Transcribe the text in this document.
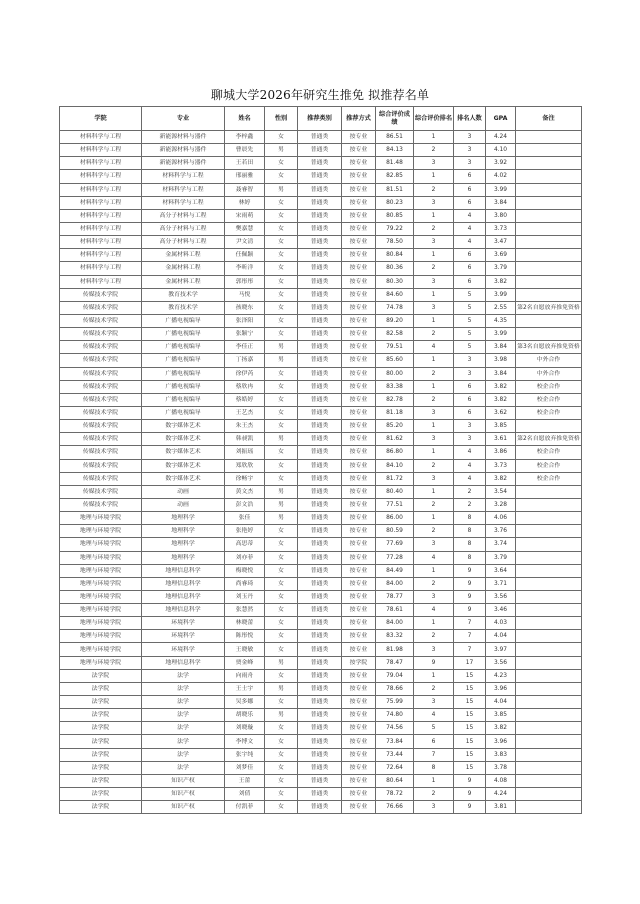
聊城大学2026年研究生推免 拟推荐名单
学院	专业	姓名	性别	推荐类别	推荐方式	综合评价成绩	综合评价排名	排名人数	GPA	备注
材料科学与工程	新能源材料与器件	李梓鑫	女	普通类	按专业	86.51	1	3	4.24	
材料科学与工程	新能源材料与器件	曹晨先	男	普通类	按专业	84.13	2	3	4.10	
材料科学与工程	新能源材料与器件	王若田	女	普通类	按专业	81.48	3	3	3.92	
材料科学与工程	材料科学与工程	邢丽雅	女	普通类	按专业	82.85	1	6	4.02	
材料科学与工程	材料科学与工程	聂睿智	男	普通类	按专业	81.51	2	6	3.99	
材料科学与工程	材料科学与工程	林婷	女	普通类	按专业	80.23	3	6	3.84	
材料科学与工程	高分子材料与工程	宋雨萌	女	普通类	按专业	80.85	1	4	3.80	
材料科学与工程	高分子材料与工程	樊嘉慧	女	普通类	按专业	79.22	2	4	3.73	
材料科学与工程	高分子材料与工程	尹文清	女	普通类	按专业	78.50	3	4	3.47	
材料科学与工程	金属材料工程	任佩颖	女	普通类	按专业	80.84	1	6	3.69	
材料科学与工程	金属材料工程	李昕洋	女	普通类	按专业	80.36	2	6	3.79	
材料科学与工程	金属材料工程	郭彤彤	女	普通类	按专业	80.30	3	6	3.82	
传媒技术学院	教育技术学	马悦	女	普通类	按专业	84.60	1	5	3.99	
传媒技术学院	教育技术学	孩晓东	女	普通类	按专业	74.78	3	5	2.55	第2名自愿放弃推免资格
传媒技术学院	广播电视编导	张泽阳	女	普通类	按专业	89.20	1	5	4.35	
传媒技术学院	广播电视编导	张颖宁	女	普通类	按专业	82.58	2	5	3.99	
传媒技术学院	广播电视编导	李佳正	男	普通类	按专业	79.51	4	5	3.84	第3名自愿放弃推免资格
传媒技术学院	广播电视编导	丁扬嘉	男	普通类	按专业	85.60	1	3	3.98	中外合作
传媒技术学院	广播电视编导	徐伊芮	女	普通类	按专业	80.00	2	3	3.84	中外合作
传媒技术学院	广播电视编导	蔡欣冉	女	普通类	按专业	83.38	1	6	3.82	校企合作
传媒技术学院	广播电视编导	蔡皓婷	女	普通类	按专业	82.78	2	6	3.82	校企合作
传媒技术学院	广播电视编导	王艺杰	女	普通类	按专业	81.18	3	6	3.62	校企合作
传媒技术学院	数字媒体艺术	朱王杰	女	普通类	按专业	85.20	1	3	3.85	
传媒技术学院	数字媒体艺术	韩昶凯	男	普通类	按专业	81.62	3	3	3.61	第2名自愿放弃推免资格
传媒技术学院	数字媒体艺术	刘振瑶	女	普通类	按专业	86.80	1	4	3.86	校企合作
传媒技术学院	数字媒体艺术	郑欣欣	女	普通类	按专业	84.10	2	4	3.73	校企合作
传媒技术学院	数字媒体艺术	徐畅宇	女	普通类	按专业	81.72	3	4	3.82	校企合作
传媒技术学院	动画	黄文杰	男	普通类	按专业	80.40	1	2	3.54	
传媒技术学院	动画	彭文浩	男	普通类	按专业	77.51	2	2	3.28	
地理与环境学院	地理科学	张佳	男	普通类	按专业	86.00	1	8	4.06	
地理与环境学院	地理科学	张艳婷	女	普通类	按专业	80.59	2	8	3.76	
地理与环境学院	地理科学	高思蒂	女	普通类	按专业	77.69	3	8	3.74	
地理与环境学院	地理科学	刘亦菲	女	普通类	按专业	77.28	4	8	3.79	
地理与环境学院	地理信息科学	梅晓悦	女	普通类	按专业	84.49	1	9	3.64	
地理与环境学院	地理信息科学	尚睿琦	女	普通类	按专业	84.00	2	9	3.71	
地理与环境学院	地理信息科学	刘玉丹	女	普通类	按专业	78.77	3	9	3.56	
地理与环境学院	地理信息科学	张慧然	女	普通类	按专业	78.61	4	9	3.46	
地理与环境学院	环境科学	林晓蕾	女	普通类	按专业	84.00	1	7	4.03	
地理与环境学院	环境科学	陈彤悦	女	普通类	按专业	83.32	2	7	4.04	
地理与环境学院	环境科学	王晓敏	女	普通类	按专业	81.98	3	7	3.97	
地理与环境学院	地理信息科学	贾金峰	男	普通类	按学院	78.47	9	17	3.56	
法学院	法学	向雨舟	女	普通类	按专业	79.04	1	15	4.23	
法学院	法学	王士宇	男	普通类	按专业	78.66	2	15	3.96	
法学院	法学	吴多娜	女	普通类	按专业	75.99	3	15	4.04	
法学院	法学	胡晓乐	男	普通类	按专业	74.80	4	15	3.85	
法学院	法学	刘晓璇	女	普通类	按专业	74.56	5	15	3.82	
法学院	法学	李博文	女	普通类	按专业	73.84	6	15	3.96	
法学院	法学	张宇纯	女	普通类	按专业	73.44	7	15	3.83	
法学院	法学	刘梦佳	女	普通类	按专业	72.64	8	15	3.78	
法学院	知识产权	王蕾	女	普通类	按专业	80.64	1	9	4.08	
法学院	知识产权	刘倩	女	普通类	按专业	78.72	2	9	4.24	
法学院	知识产权	付凯菲	女	普通类	按专业	76.66	3	9	3.81	
